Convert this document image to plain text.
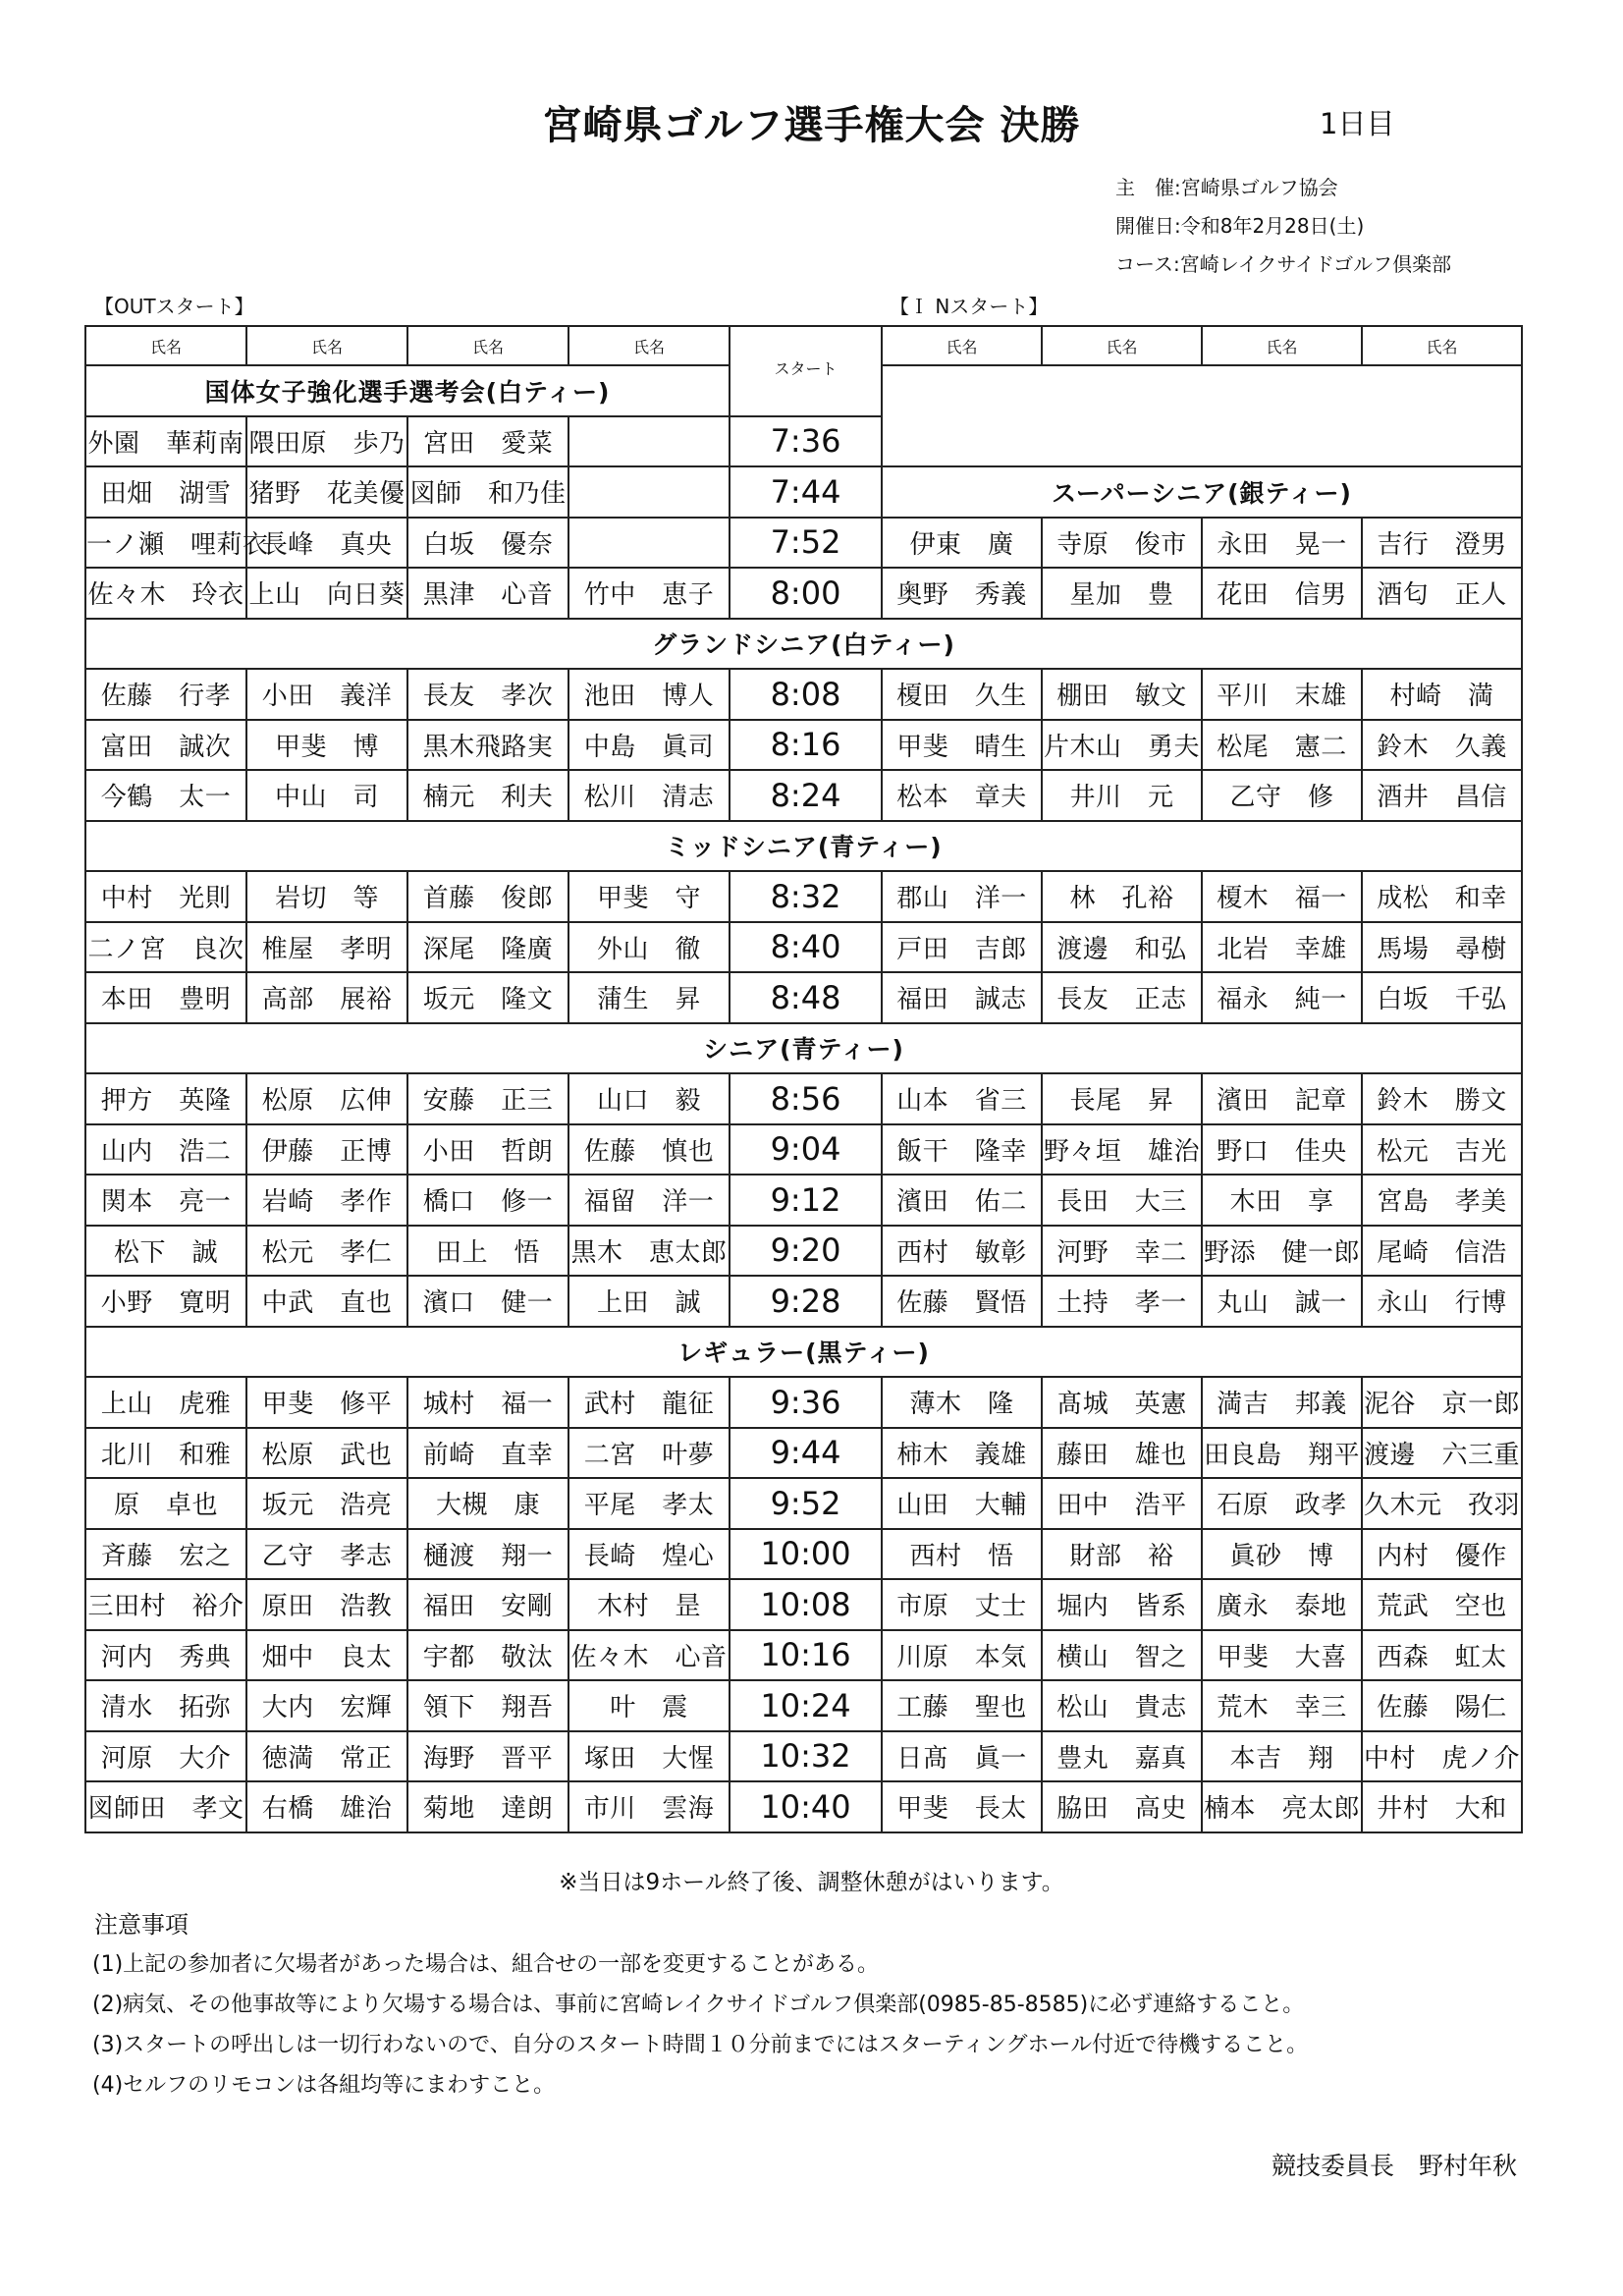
宮崎県ゴルフ選手権大会 決勝	1日目
主　催:宮崎県ゴルフ協会
開催日:令和8年2月28日(土)
コース:宮崎レイクサイドゴルフ倶楽部
【OUTスタート】	【Ｉ Nスタート】
氏名	氏名	氏名	氏名	スタート	氏名	氏名	氏名	氏名
国体女子強化選手選考会(白ティー)								
外園　華莉南	隈田原　歩乃	宮田　愛菜		7:36				
田畑　湖雪	猪野　花美優	図師　和乃佳		7:44	スーパーシニア(銀ティー)			
一ノ瀬　哩莉衣	長峰　真央	白坂　優奈		7:52	伊東　廣	寺原　俊市	永田　晃一	吉行　澄男
佐々木　玲衣	上山　向日葵	黒津　心音	竹中　恵子	8:00	奥野　秀義	星加　豊	花田　信男	酒匂　正人
グランドシニア(白ティー)								
佐藤　行孝	小田　義洋	長友　孝次	池田　博人	8:08	榎田　久生	棚田　敏文	平川　末雄	村崎　満
富田　誠次	甲斐　博	黒木飛路実	中島　眞司	8:16	甲斐　晴生	片木山　勇夫	松尾　憲二	鈴木　久義
今鶴　太一	中山　司	楠元　利夫	松川　清志	8:24	松本　章夫	井川　元	乙守　修	酒井　昌信
ミッドシニア(青ティー)								
中村　光則	岩切　等	首藤　俊郎	甲斐　守	8:32	郡山　洋一	林　孔裕	榎木　福一	成松　和幸
二ノ宮　良次	椎屋　孝明	深尾　隆廣	外山　徹	8:40	戸田　吉郎	渡邊　和弘	北岩　幸雄	馬場　尋樹
本田　豊明	高部　展裕	坂元　隆文	蒲生　昇	8:48	福田　誠志	長友　正志	福永　純一	白坂　千弘
シニア(青ティー)								
押方　英隆	松原　広伸	安藤　正三	山口　毅	8:56	山本　省三	長尾　昇	濱田　記章	鈴木　勝文
山内　浩二	伊藤　正博	小田　哲朗	佐藤　慎也	9:04	飯干　隆幸	野々垣　雄治	野口　佳央	松元　吉光
関本　亮一	岩崎　孝作	橋口　修一	福留　洋一	9:12	濱田　佑二	長田　大三	木田　享	宮島　孝美
松下　誠	松元　孝仁	田上　悟	黒木　恵太郎	9:20	西村　敏彰	河野　幸二	野添　健一郎	尾崎　信浩
小野　寛明	中武　直也	濱口　健一	上田　誠	9:28	佐藤　賢悟	土持　孝一	丸山　誠一	永山　行博
レギュラー(黒ティー)								
上山　虎雅	甲斐　修平	城村　福一	武村　龍征	9:36	薄木　隆	髙城　英憲	満吉　邦義	泥谷　京一郎
北川　和雅	松原　武也	前崎　直幸	二宮　叶夢	9:44	柿木　義雄	藤田　雄也	田良島　翔平	渡邊　六三重
原　卓也	坂元　浩亮	大槻　康	平尾　孝太	9:52	山田　大輔	田中　浩平	石原　政孝	久木元　孜羽
斉藤　宏之	乙守　孝志	樋渡　翔一	長崎　煌心	10:00	西村　悟	財部　裕	眞砂　博	内村　優作
三田村　裕介	原田　浩教	福田　安剛	木村　昰	10:08	市原　丈士	堀内　皆系	廣永　泰地	荒武　空也
河内　秀典	畑中　良太	宇都　敬汰	佐々木　心音	10:16	川原　本気	横山　智之	甲斐　大喜	西森　虹太
清水　拓弥	大内　宏輝	領下　翔吾	叶　震	10:24	工藤　聖也	松山　貴志	荒木　幸三	佐藤　陽仁
河原　大介	徳満　常正	海野　晋平	塚田　大惺	10:32	日髙　眞一	豊丸　嘉真	本吉　翔	中村　虎ノ介
図師田　孝文	右橋　雄治	菊地　達朗	市川　雲海	10:40	甲斐　長太	脇田　高史	楠本　亮太郎	井村　大和
※当日は9ホール終了後、調整休憩がはいります。
注意事項
(1)上記の参加者に欠場者があった場合は、組合せの一部を変更することがある。
(2)病気、その他事故等により欠場する場合は、事前に宮崎レイクサイドゴルフ倶楽部(0985-85-8585)に必ず連絡すること。
(3)スタートの呼出しは一切行わないので、自分のスタート時間１０分前までにはスターティングホール付近で待機すること。
(4)セルフのリモコンは各組均等にまわすこと。
競技委員長　野村年秋
